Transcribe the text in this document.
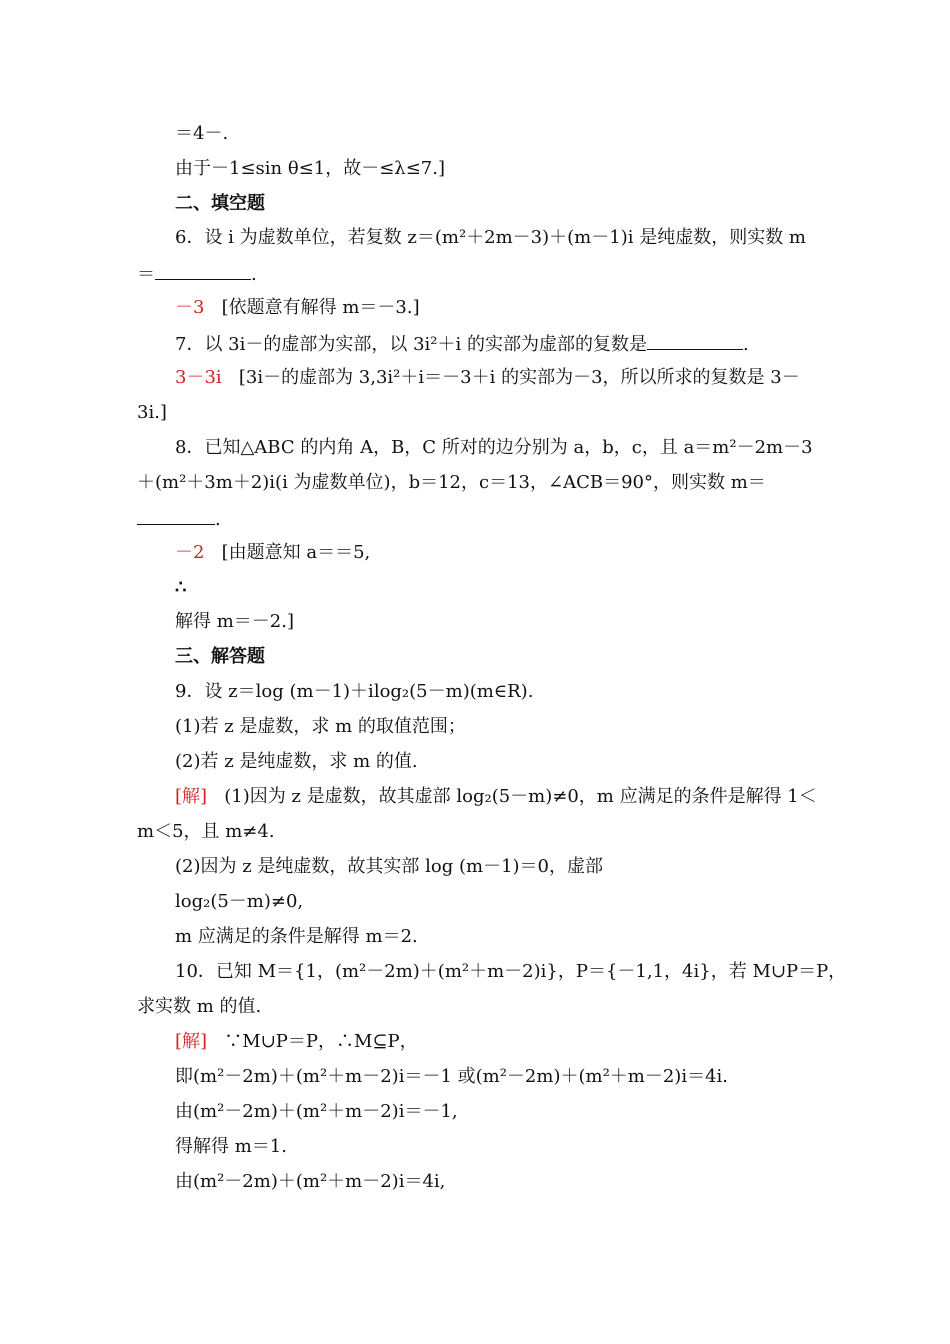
＝4－.
由于－1≤sin θ≤1，故－≤λ≤7.]
二、填空题
6．设 i 为虚数单位，若复数 z＝(m²＋2m－3)＋(m－1)i 是纯虚数，则实数 m
＝	.
－3 [依题意有解得 m＝－3.]
7．以 3i－的虚部为实部，以 3i²＋i 的实部为虚部的复数是	.
3－3i [3i－的虚部为 3,3i²＋i＝－3＋i 的实部为－3，所以所求的复数是 3－
3i.]
8．已知△ABC 的内角 A，B，C 所对的边分别为 a，b，c，且 a＝m²－2m－3
＋(m²＋3m＋2)i(i 为虚数单位)，b＝12，c＝13，∠ACB＝90°，则实数 m＝
.
－2 [由题意知 a＝＝5,
∴
解得 m＝－2.]
三、解答题
9．设 z＝log (m－1)＋ilog₂(5－m)(m∈R).
(1)若 z 是虚数，求 m 的取值范围；
(2)若 z 是纯虚数，求 m 的值.
[解] (1)因为 z 是虚数，故其虚部 log₂(5－m)≠0，m 应满足的条件是解得 1＜
m＜5，且 m≠4.
(2)因为 z 是纯虚数，故其实部 log (m－1)＝0，虚部
log₂(5－m)≠0,
m 应满足的条件是解得 m＝2.
10．已知 M＝{1，(m²－2m)＋(m²＋m－2)i}，P＝{－1,1，4i}，若 M∪P＝P，
求实数 m 的值.
[解] ∵M∪P＝P，∴M⊆P，
即(m²－2m)＋(m²＋m－2)i＝－1 或(m²－2m)＋(m²＋m－2)i＝4i.
由(m²－2m)＋(m²＋m－2)i＝－1,
得解得 m＝1.
由(m²－2m)＋(m²＋m－2)i＝4i,
